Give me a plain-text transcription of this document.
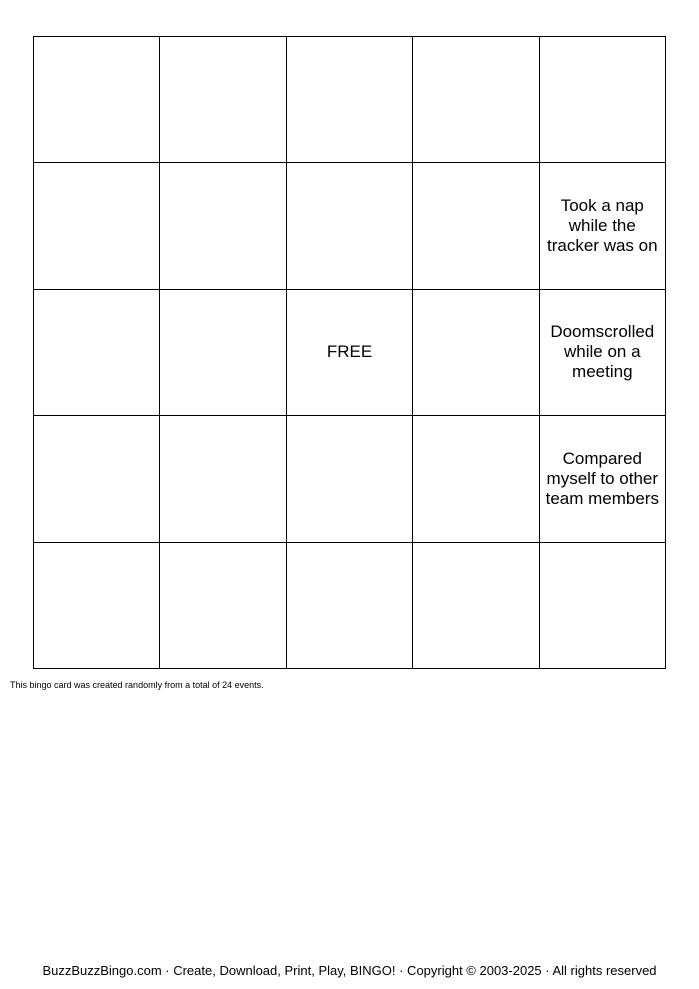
Took a nap while the tracker was on
FREE
Doomscrolled while on a meeting
Compared myself to other team members
This bingo card was created randomly from a total of 24 events.
BuzzBuzzBingo.com · Create, Download, Print, Play, BINGO! · Copyright © 2003-2025 · All rights reserved
